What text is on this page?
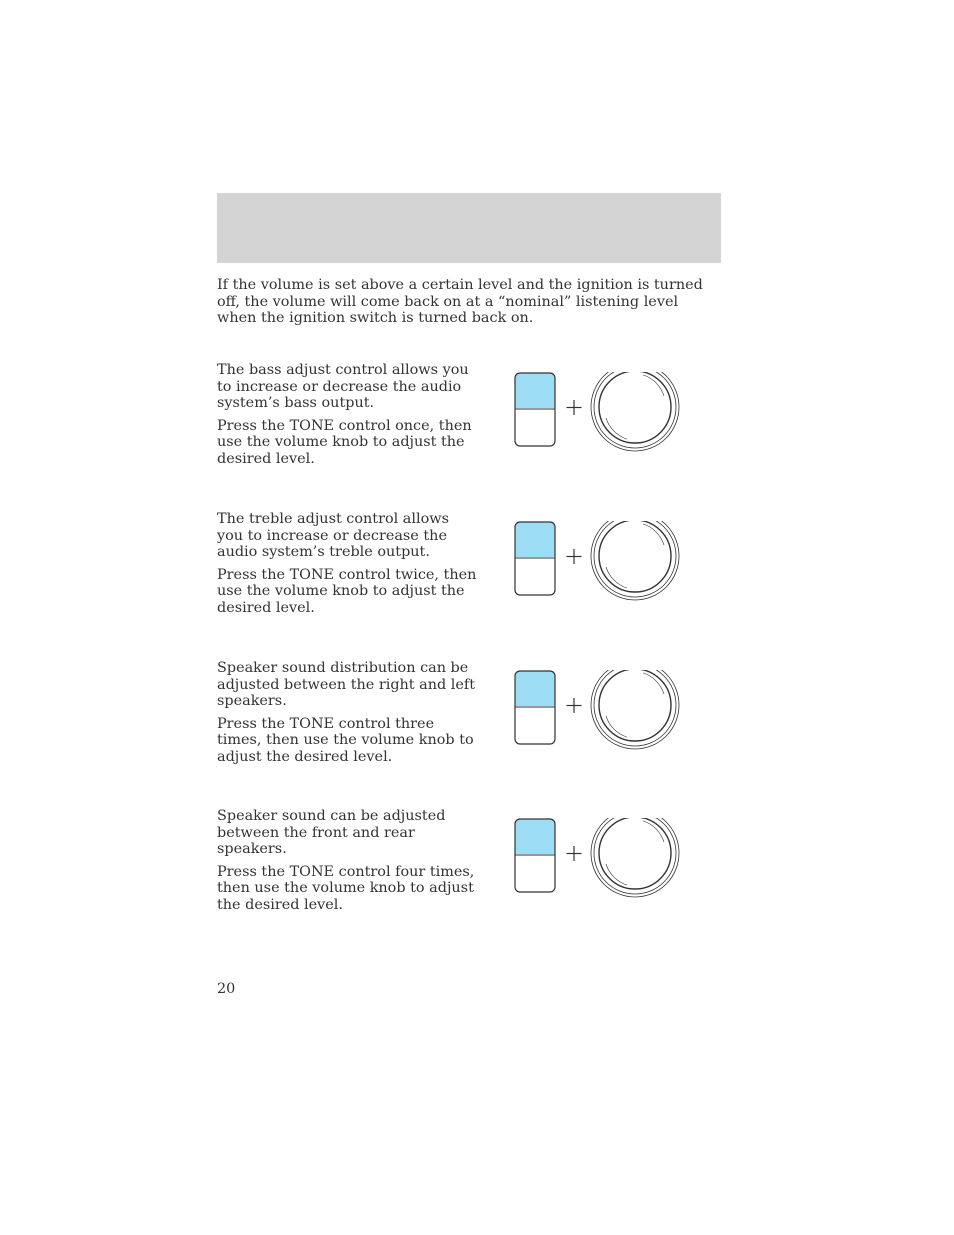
If the volume is set above a certain level and the ignition is turned off, the volume will come back on at a “nominal” listening level when the ignition switch is turned back on.

The bass adjust control allows you to increase or decrease the audio system’s bass output.

Press the TONE control once, then use the volume knob to adjust the desired level.

The treble adjust control allows you to increase or decrease the audio system’s treble output.

Press the TONE control twice, then use the volume knob to adjust the desired level.

Speaker sound distribution can be adjusted between the right and left speakers.

Press the TONE control three times, then use the volume knob to adjust the desired level.

Speaker sound can be adjusted between the front and rear speakers.

Press the TONE control four times, then use the volume knob to adjust the desired level.

20
